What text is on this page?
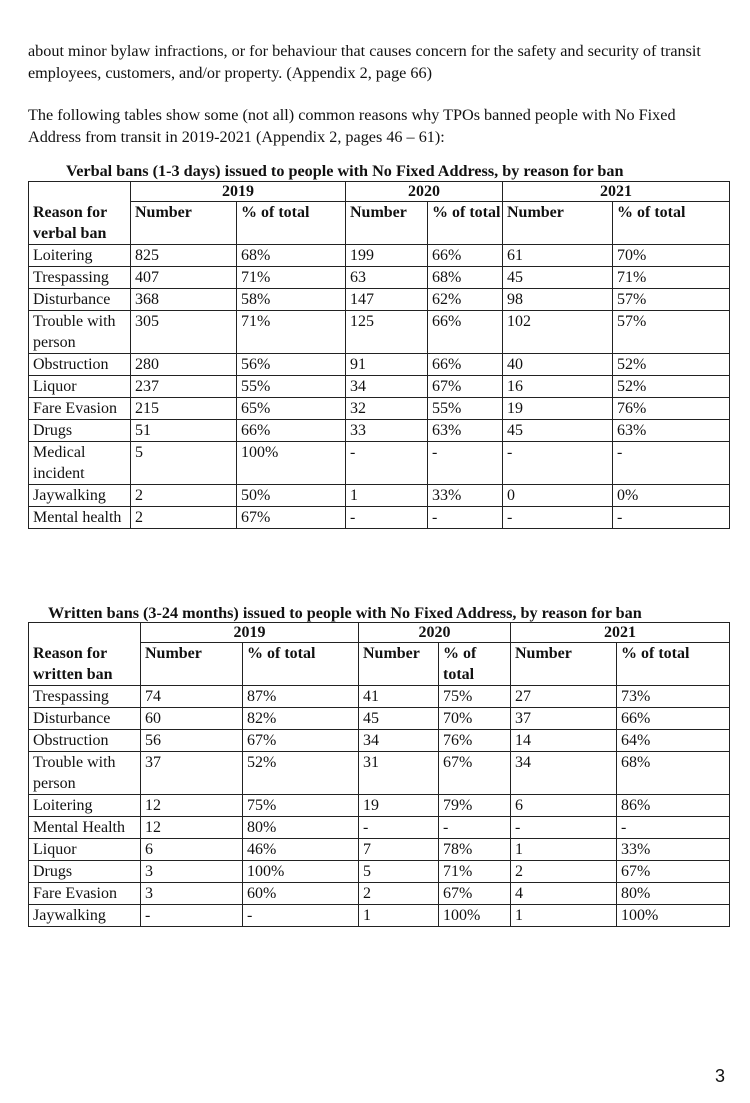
about minor bylaw infractions, or for behaviour that causes concern for the safety and security of transit employees, customers, and/or property. (Appendix 2, page 66)

The following tables show some (not all) common reasons why TPOs banned people with No Fixed Address from transit in 2019-2021 (Appendix 2, pages 46 – 61):

Verbal bans (1-3 days) issued to people with No Fixed Address, by reason for ban
	2019		2020		2021	
Reason for verbal ban	Number	% of total	Number	% of total	Number	% of total
Loitering	825	68%	199	66%	61	70%
Trespassing	407	71%	63	68%	45	71%
Disturbance	368	58%	147	62%	98	57%
Trouble with person	305	71%	125	66%	102	57%
Obstruction	280	56%	91	66%	40	52%
Liquor	237	55%	34	67%	16	52%
Fare Evasion	215	65%	32	55%	19	76%
Drugs	51	66%	33	63%	45	63%
Medical incident	5	100%	-	-	-	-
Jaywalking	2	50%	1	33%	0	0%
Mental health	2	67%	-	-	-	-
Written bans (3-24 months) issued to people with No Fixed Address, by reason for ban
	2019		2020		2021	
Reason for written ban	Number	% of total	Number	% of total	Number	% of total
Trespassing	74	87%	41	75%	27	73%
Disturbance	60	82%	45	70%	37	66%
Obstruction	56	67%	34	76%	14	64%
Trouble with person	37	52%	31	67%	34	68%
Loitering	12	75%	19	79%	6	86%
Mental Health	12	80%	-	-	-	-
Liquor	6	46%	7	78%	1	33%
Drugs	3	100%	5	71%	2	67%
Fare Evasion	3	60%	2	67%	4	80%
Jaywalking	-	-	1	100%	1	100%
3
